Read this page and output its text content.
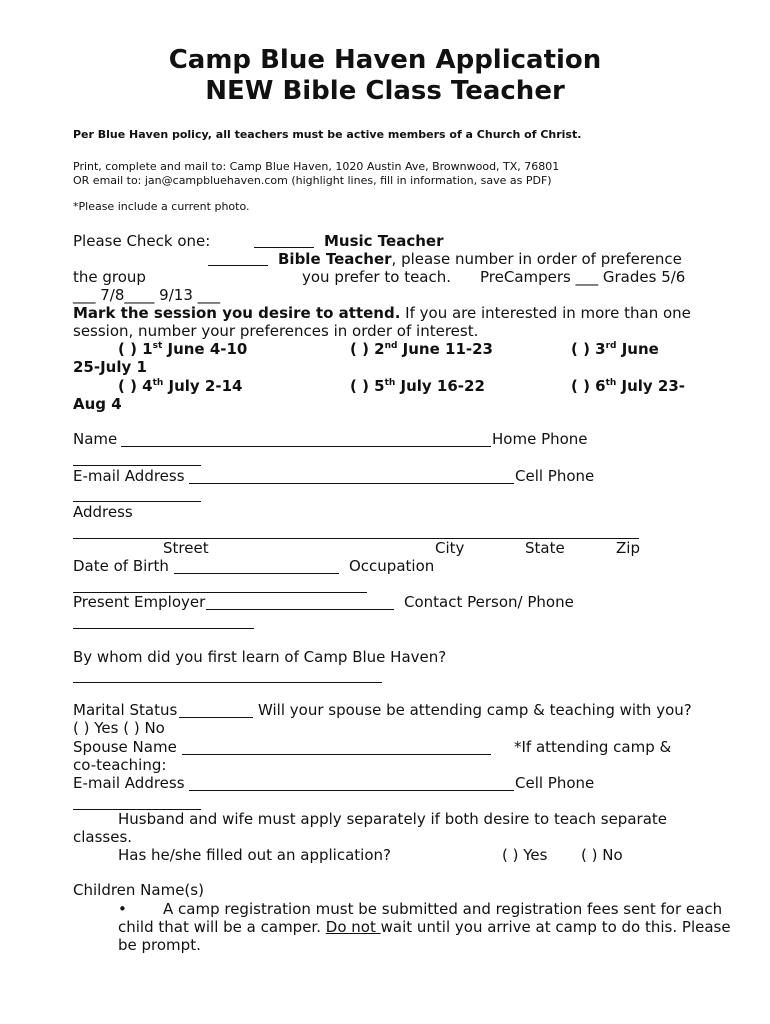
Camp Blue Haven Application
NEW Bible Class Teacher
Per Blue Haven policy, all teachers must be active members of a Church of Christ.
Print, complete and mail to: Camp Blue Haven, 1020 Austin Ave, Brownwood, TX, 76801
OR email to: jan@campbluehaven.com (highlight lines, fill in information, save as PDF)
*Please include a current photo.
Please Check one:	Music Teacher
Bible Teacher, please number in order of preference
the group	you prefer to teach. PreCampers ___ Grades 5/6
___ 7/8____ 9/13 ___
Mark the session you desire to attend. If you are interested in more than one
session, number your preferences in order of interest.
( ) 1st June 4-10	( ) 2nd June 11-23	( ) 3rd June
25-July 1
( ) 4th July 2-14	( ) 5th July 16-22	( ) 6th July 23-
Aug 4
Name	Home Phone
E-mail Address	Cell Phone
Address
Street	City	State	Zip
Date of Birth	Occupation
Present Employer	Contact Person/ Phone
By whom did you first learn of Camp Blue Haven?
Marital Status	Will your spouse be attending camp & teaching with you?
( ) Yes ( ) No
Spouse Name	*If attending camp &
co-teaching:
E-mail Address	Cell Phone
Husband and wife must apply separately if both desire to teach separate
classes.
Has he/she filled out an application?	( ) Yes ( ) No
Children Name(s)
• A camp registration must be submitted and registration fees sent for each
child that will be a camper. Do not wait until you arrive at camp to do this. Please
be prompt.
